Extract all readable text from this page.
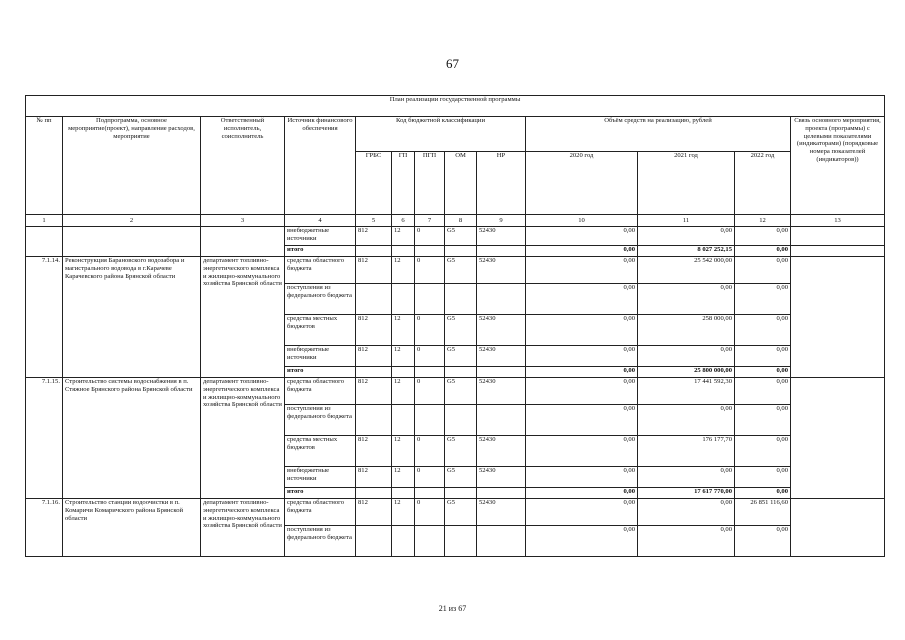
67
План реализации государственной программы												
№ пп	Подпрограмма, основное мероприятие(проект), направление расходов, мероприятие	Ответственный исполнитель, соисполнитель	Источник финансового обеспечения	Код бюджетной классификации					Объём средств на реализацию, рублей			Связь основного мероприятия, проекта (программы) с целевыми показателями (индикаторами) (порядковые номера показателей (индикаторов))
				ГРБС	ГП	ПГП	ОМ	НР	2020 год	2021 год	2022 год	
1	2	3	4	5	6	7	8	9	10	11	12	13
			внебюджетные источники	812	12	0	G5	52430	0,00	0,00	0,00	
			итого						0,00	8 027 252,15	0,00	
7.1.14.	Реконструкция Барановского водозабора и магистрального водовода в г.Карачеве Карачевского района Брянской области	департамент топливно-энергетического комплекса и жилищно-коммунального хозяйства Брянской области	средства областного бюджета	812	12	0	G5	52430	0,00	25 542 000,00	0,00	
			поступления из федерального бюджета						0,00	0,00	0,00	
			средства местных бюджетов	812	12	0	G5	52430	0,00	258 000,00	0,00	
			внебюджетные источники	812	12	0	G5	52430	0,00	0,00	0,00	
			итого						0,00	25 800 000,00	0,00	
7.1.15.	Строительство системы водоснабжения в п. Стяжное Брянского района Брянской области	департамент топливно-энергетического комплекса и жилищно-коммунального хозяйства Брянской области	средства областного бюджета	812	12	0	G5	52430	0,00	17 441 592,30	0,00	
			поступления из федерального бюджета						0,00	0,00	0,00	
			средства местных бюджетов	812	12	0	G5	52430	0,00	176 177,70	0,00	
			внебюджетные источники	812	12	0	G5	52430	0,00	0,00	0,00	
			итого						0,00	17 617 770,00	0,00	
7.1.16.	Строительство станции водоочистки в п. Комаричи Комаричского района Брянской области	департамент топливно-энергетического комплекса и жилищно-коммунального хозяйства Брянской области	средства областного бюджета	812	12	0	G5	52430	0,00	0,00	26 851 116,60	
			поступления из федерального бюджета						0,00	0,00	0,00	
21 из 67
